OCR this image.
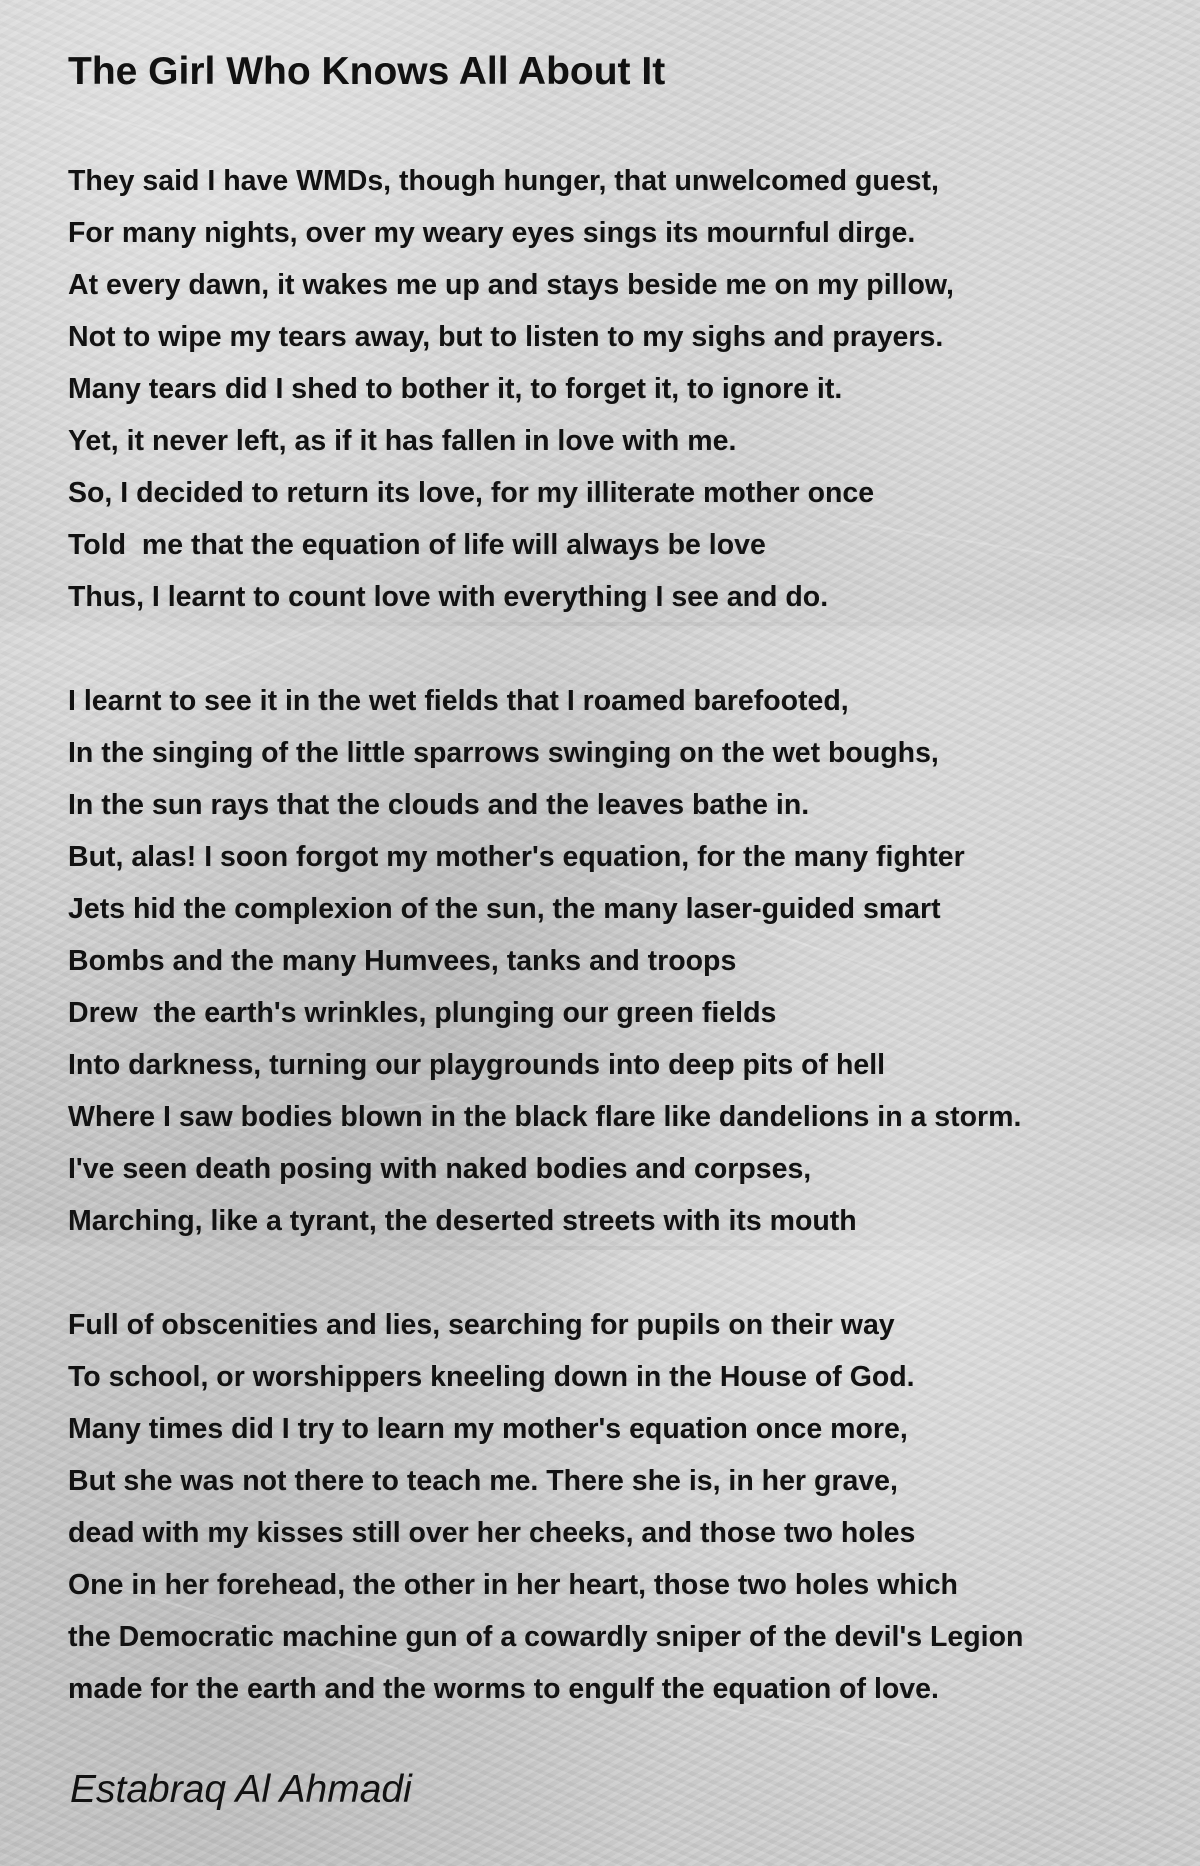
The Girl Who Knows All About It
They said I have WMDs, though hunger, that unwelcomed guest,
For many nights, over my weary eyes sings its mournful dirge.
At every dawn, it wakes me up and stays beside me on my pillow,
Not to wipe my tears away, but to listen to my sighs and prayers.
Many tears did I shed to bother it, to forget it, to ignore it.
Yet, it never left, as if it has fallen in love with me.
So, I decided to return its love, for my illiterate mother once
Told  me that the equation of life will always be love
Thus, I learnt to count love with everything I see and do.
I learnt to see it in the wet fields that I roamed barefooted,
In the singing of the little sparrows swinging on the wet boughs,
In the sun rays that the clouds and the leaves bathe in.
But, alas! I soon forgot my mother's equation, for the many fighter
Jets hid the complexion of the sun, the many laser-guided smart
Bombs and the many Humvees, tanks and troops
Drew  the earth's wrinkles, plunging our green fields
Into darkness, turning our playgrounds into deep pits of hell
Where I saw bodies blown in the black flare like dandelions in a storm.
I've seen death posing with naked bodies and corpses,
Marching, like a tyrant, the deserted streets with its mouth
Full of obscenities and lies, searching for pupils on their way
To school, or worshippers kneeling down in the House of God.
Many times did I try to learn my mother's equation once more,
But she was not there to teach me. There she is, in her grave,
dead with my kisses still over her cheeks, and those two holes
One in her forehead, the other in her heart, those two holes which
the Democratic machine gun of a cowardly sniper of the devil's Legion
made for the earth and the worms to engulf the equation of love.
Estabraq Al Ahmadi
